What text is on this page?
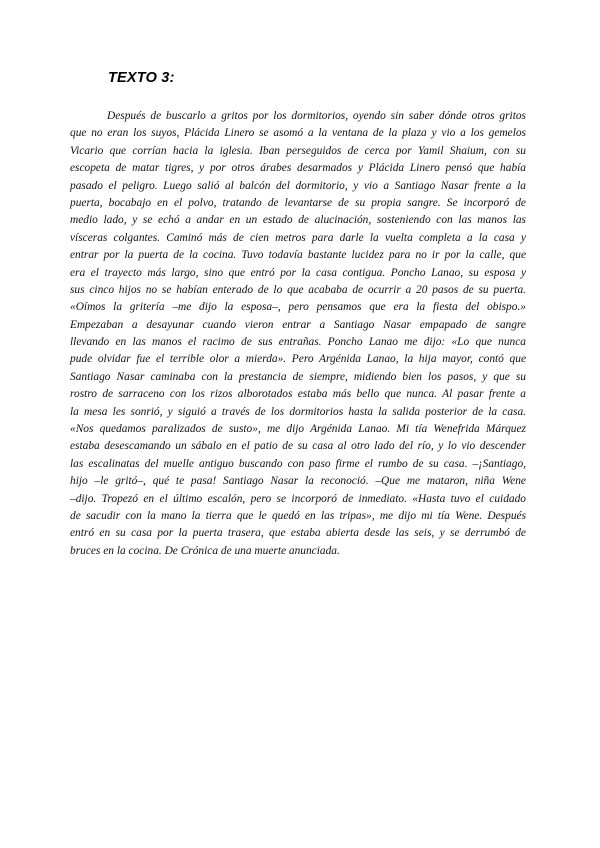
TEXTO 3:
Después de buscarlo a gritos por los dormitorios, oyendo sin saber dónde otros gritos
que no eran los suyos, Plácida Linero se asomó a la ventana de la plaza y vio a los gemelos
Vicario que corrían hacia la iglesia. Iban perseguidos de cerca por Yamil Shaium, con su
escopeta de matar tigres, y por otros árabes desarmados y Plácida Linero pensó que había
pasado el peligro. Luego salió al balcón del dormitorio, y vio a Santiago Nasar frente a la
puerta, bocabajo en el polvo, tratando de levantarse de su propia sangre. Se incorporó de
medio lado, y se echó a andar en un estado de alucinación, sosteniendo con las manos las
vísceras colgantes. Caminó más de cien metros para darle la vuelta completa a la casa y
entrar por la puerta de la cocina. Tuvo todavía bastante lucidez para no ir por la calle, que
era el trayecto más largo, sino que entró por la casa contigua. Poncho Lanao, su esposa y
sus cinco hijos no se habían enterado de lo que acababa de ocurrir a 20 pasos de su puerta.
«Oímos la gritería –me dijo la esposa–, pero pensamos que era la fiesta del obispo.»
Empezaban a desayunar cuando vieron entrar a Santiago Nasar empapado de sangre
llevando en las manos el racimo de sus entrañas. Poncho Lanao me dijo: «Lo que nunca
pude olvidar fue el terrible olor a mierda». Pero Argénida Lanao, la hija mayor, contó que
Santiago Nasar caminaba con la prestancia de siempre, midiendo bien los pasos, y que su
rostro de sarraceno con los rizos alborotados estaba más bello que nunca. Al pasar frente a
la mesa les sonrió, y siguió a través de los dormitorios hasta la salida posterior de la casa.
«Nos quedamos paralizados de susto», me dijo Argénida Lanao. Mi tía Wenefrida Márquez
estaba desescamando un sábalo en el patio de su casa al otro lado del río, y lo vio descender
las escalinatas del muelle antiguo buscando con paso firme el rumbo de su casa. –¡Santiago,
hijo –le gritó–, qué te pasa! Santiago Nasar la reconoció. –Que me mataron, niña Wene
–dijo. Tropezó en el último escalón, pero se incorporó de inmediato. «Hasta tuvo el cuidado
de sacudir con la mano la tierra que le quedó en las tripas», me dijo mi tía Wene. Después
entró en su casa por la puerta trasera, que estaba abierta desde las seis, y se derrumbó de
bruces en la cocina. De Crónica de una muerte anunciada.
